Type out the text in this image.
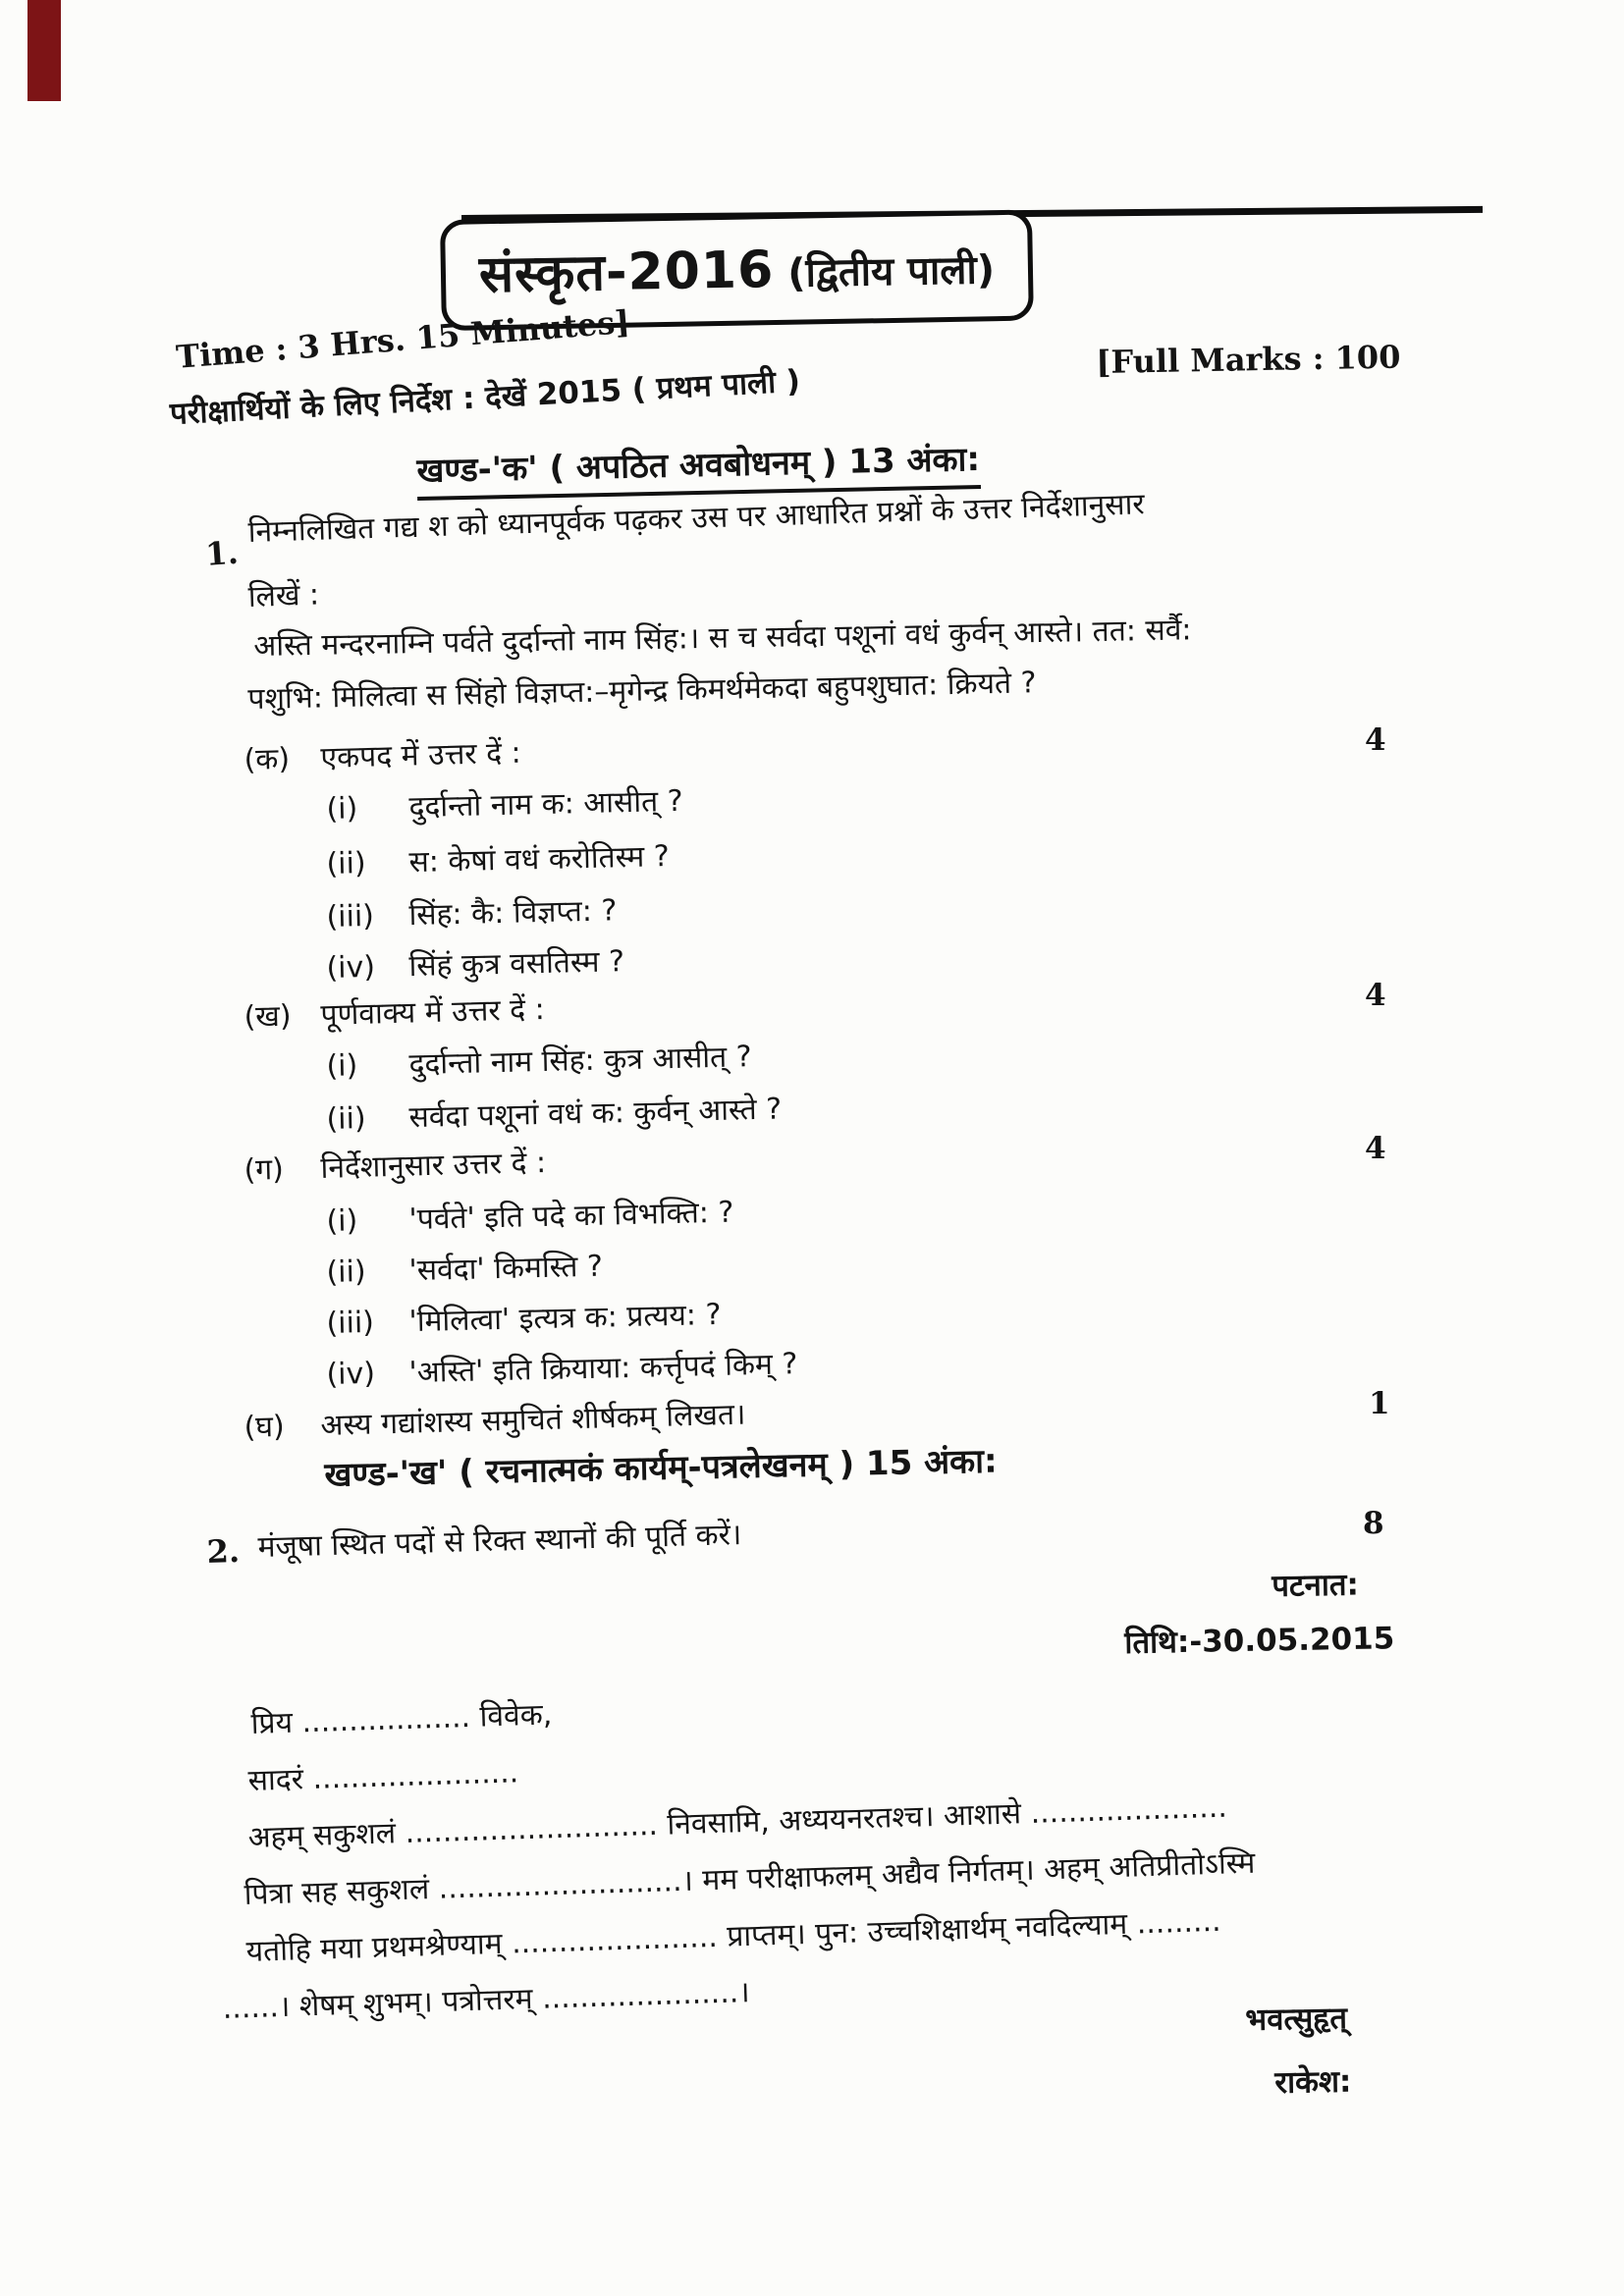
संस्कृत-2016 (द्वितीय पाली)
Time : 3 Hrs. 15 Minutes]	[Full Marks : 100
परीक्षार्थियों के लिए निर्देश : देखें 2015 ( प्रथम पाली )
खण्ड-'क' ( अपठित अवबोधनम् ) 13 अंका:
1.
निम्नलिखित गद्य श को ध्यानपूर्वक पढ़कर उस पर आधारित प्रश्नों के उत्तर निर्देशानुसार
लिखें :
अस्ति मन्दरनाम्नि पर्वते दुर्दान्तो नाम सिंह:। स च सर्वदा पशूनां वधं कुर्वन् आस्ते। तत: सर्वै:
पशुभि: मिलित्वा स सिंहो विज्ञप्त:–मृगेन्द्र किमर्थमेकदा बहुपशुघात: क्रियते ?
(क) एकपद में उत्तर दें :	4
(i) दुर्दान्तो नाम क: आसीत् ?
(ii) स: केषां वधं करोतिस्म ?
(iii) सिंह: कै: विज्ञप्त: ?
(iv) सिंहं कुत्र वसतिस्म ?
(ख) पूर्णवाक्य में उत्तर दें :	4
(i) दुर्दान्तो नाम सिंह: कुत्र आसीत् ?
(ii) सर्वदा पशूनां वधं क: कुर्वन् आस्ते ?
(ग) निर्देशानुसार उत्तर दें :	4
(i) 'पर्वते' इति पदे का विभक्ति: ?
(ii) 'सर्वदा' किमस्ति ?
(iii) 'मिलित्वा' इत्यत्र क: प्रत्यय: ?
(iv) 'अस्ति' इति क्रियाया: कर्त्तृपदं किम् ?
(घ) अस्य गद्यांशस्य समुचितं शीर्षकम् लिखत।	1
खण्ड-'ख' ( रचनात्मकं कार्यम्-पत्रलेखनम् ) 15 अंका:
2. मंजूषा स्थित पदों से रिक्त स्थानों की पूर्ति करें।	8
पटनात:
तिथि:-30.05.2015
प्रिय .................. विवेक,
सादरं ......................
अहम् सकुशलं ........................... निवसामि, अध्ययनरतश्च। आशासे .....................
पित्रा सह सकुशलं ..........................। मम परीक्षाफलम् अद्यैव निर्गतम्। अहम् अतिप्रीतोऽस्मि
यतोहि मया प्रथमश्रेण्याम् ...................... प्राप्तम्। पुन: उच्चशिक्षार्थम् नवदिल्याम् .........
......। शेषम् शुभम्। पत्रोत्तरम् .....................।	भवत्सुहृत्
राकेश:
